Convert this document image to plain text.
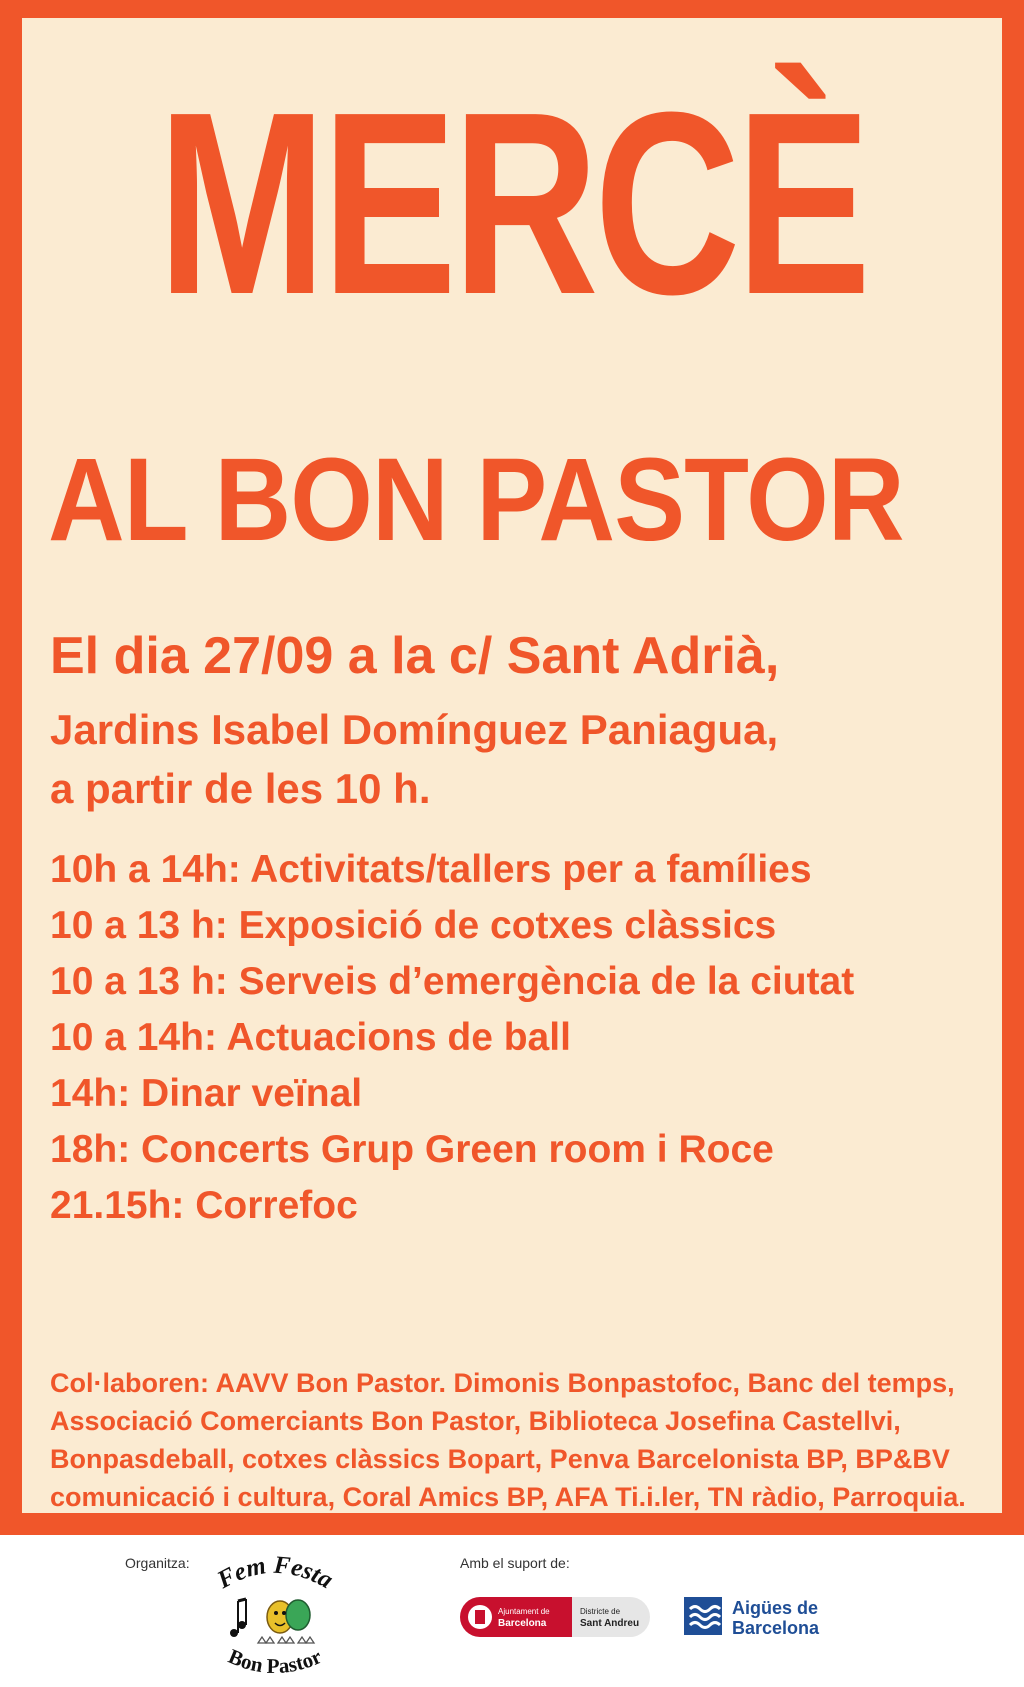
MERCÈ
AL BON PASTOR
El dia 27/09 a la c/ Sant Adrià,
Jardins Isabel Domínguez Paniagua,
a partir de les 10 h.
10h a 14h: Activitats/tallers per a famílies
10 a 13 h: Exposició de cotxes clàssics
10 a 13 h: Serveis d’emergència de la ciutat
10 a 14h: Actuacions de ball
14h: Dinar veïnal
18h: Concerts Grup Green room i Roce
21.15h: Correfoc
Col·laboren: AAVV Bon Pastor. Dimonis Bonpastofoc, Banc del temps, Associació Comerciants Bon Pastor, Biblioteca Josefina Castellvi, Bonpasdeball, cotxes clàssics Bopart, Penva Barcelonista BP, BP&BV comunicació i cultura, Coral Amics BP, AFA Ti.i.ler, TN ràdio, Parroquia.
Organitza: Fem Festa
Bon Pastor
Amb el suport de:
Ajuntament de
Barcelona
Districte de
Sant Andreu
Aigües de
Barcelona
